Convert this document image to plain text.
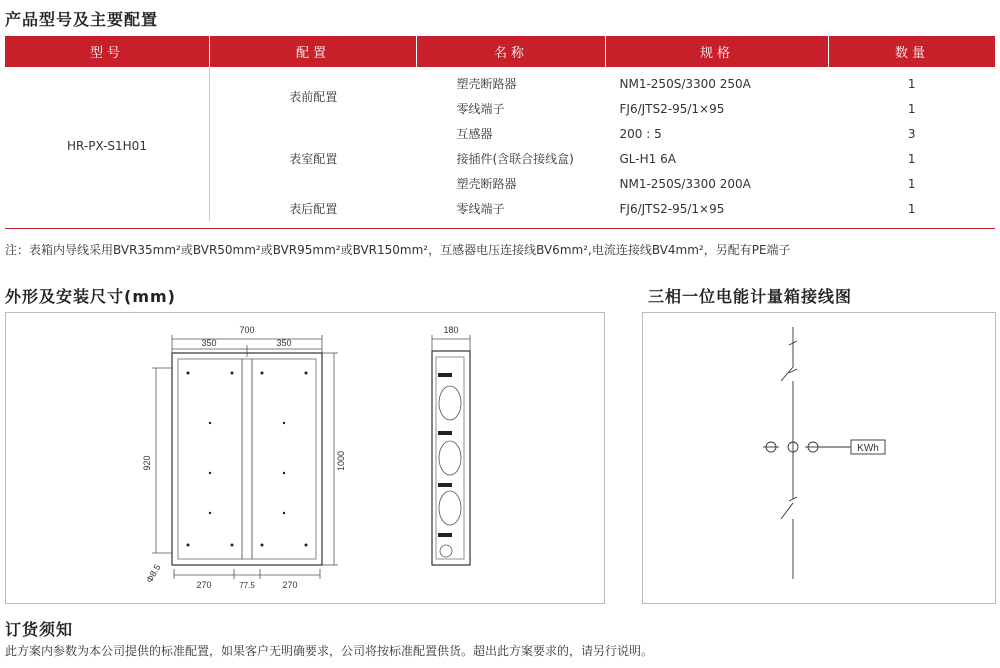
产品型号及主要配置
型号	配置	名称	规格	数量
HR-PX-S1H01	表前配置	塑壳断路器	NM1-250S/3300 250A	1
		零线端子	FJ6/JTS2-95/1×95	1
	表室配置	互感器	200 : 5	3
		接插件(含联合接线盒)	GL-H1 6A	1
		塑壳断路器	NM1-250S/3300 200A	1
	表后配置	零线端子	FJ6/JTS2-95/1×95	1
注：表箱内导线采用BVR35mm²或BVR50mm²或BVR95mm²或BVR150mm²，互感器电压连接线BV6mm²,电流连接线BV4mm²，另配有PE端子
外形及安装尺寸(mm)	三相一位电能计量箱接线图
700
350	350
920	1000
Φ8.5
270	77.5	270
180
KWh
订货须知
此方案内参数为本公司提供的标准配置，如果客户无明确要求，公司将按标准配置供货。超出此方案要求的，请另行说明。
